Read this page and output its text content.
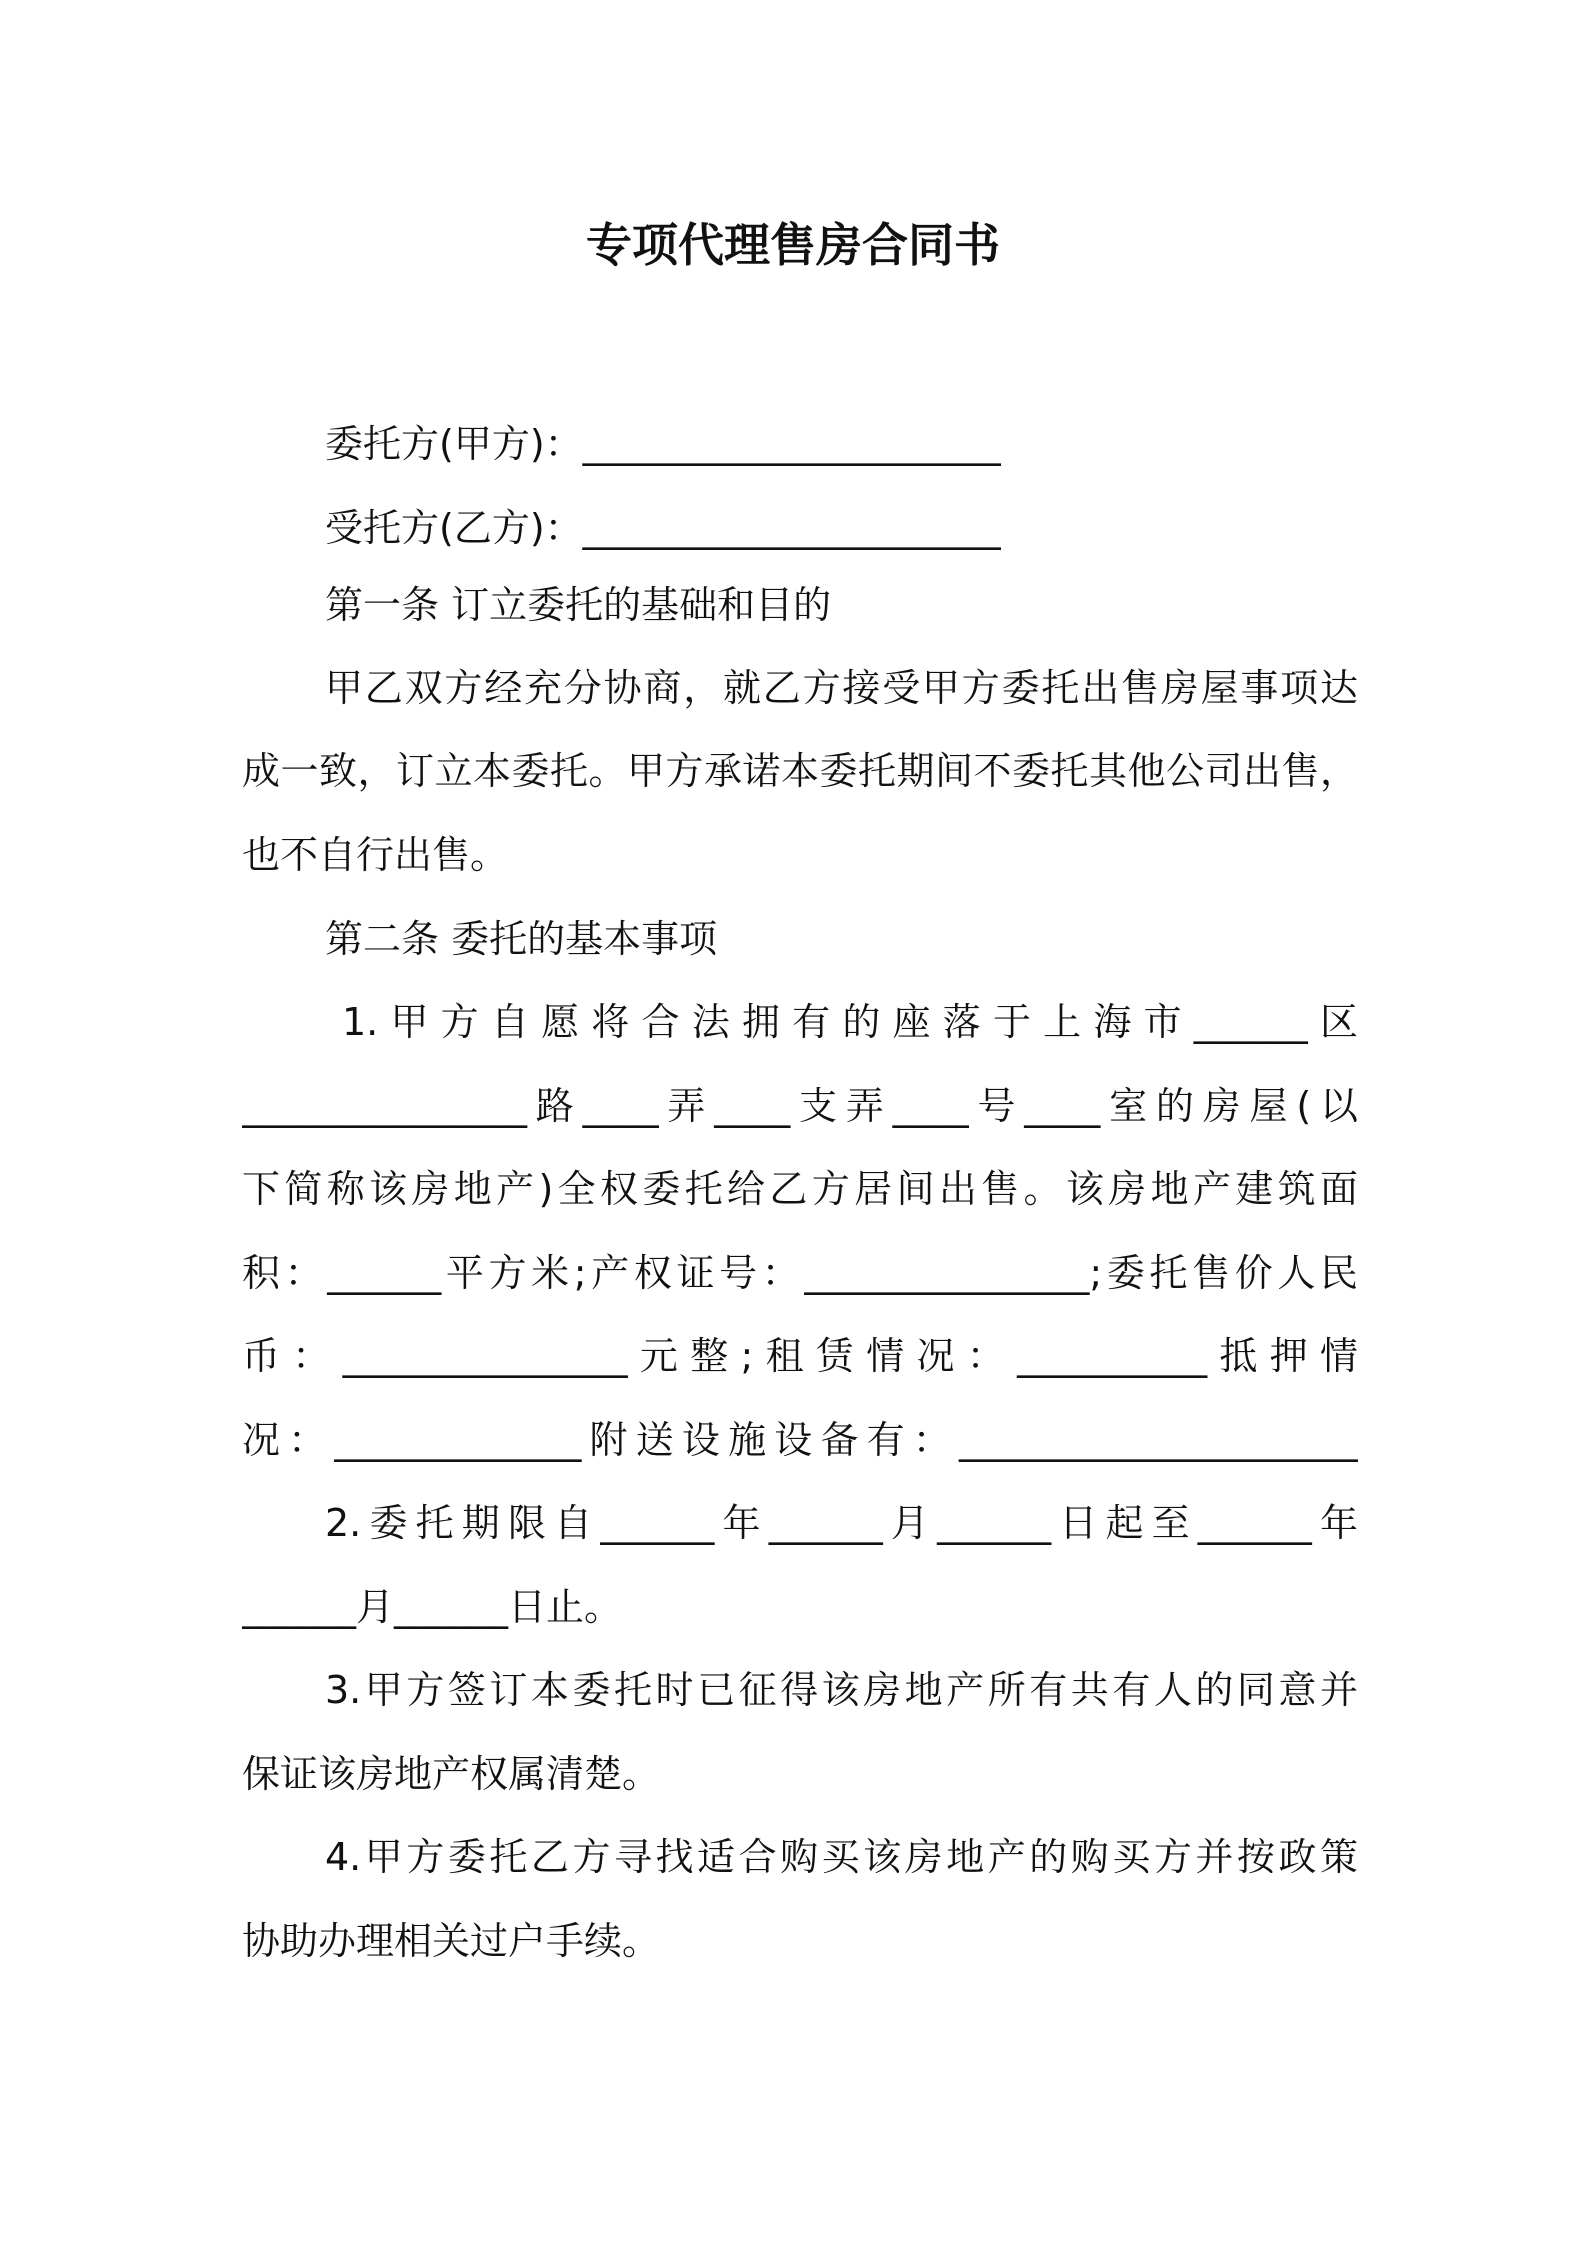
专项代理售房合同书
委托方(甲方)：______________________
受托方(乙方)：______________________
第一条 订立委托的基础和目的
甲乙双方经充分协商，就乙方接受甲方委托出售房屋事项达
成一致，订立本委托。甲方承诺本委托期间不委托其他公司出售，
也不自行出售。
第二条 委托的基本事项
1.甲方自愿将合法拥有的座落于上海市______区
_______________路____弄____支弄____号____室的房屋(以
下简称该房地产)全权委托给乙方居间出售。该房地产建筑面
积：______平方米;产权证号：_______________;委托售价人民
币：_______________元整;租赁情况：__________抵押情
况：_____________附送设施设备有：_____________________
2.委托期限自______年______月______日起至______年
______月______日止。
3.甲方签订本委托时已征得该房地产所有共有人的同意并
保证该房地产权属清楚。
4.甲方委托乙方寻找适合购买该房地产的购买方并按政策
协助办理相关过户手续。
